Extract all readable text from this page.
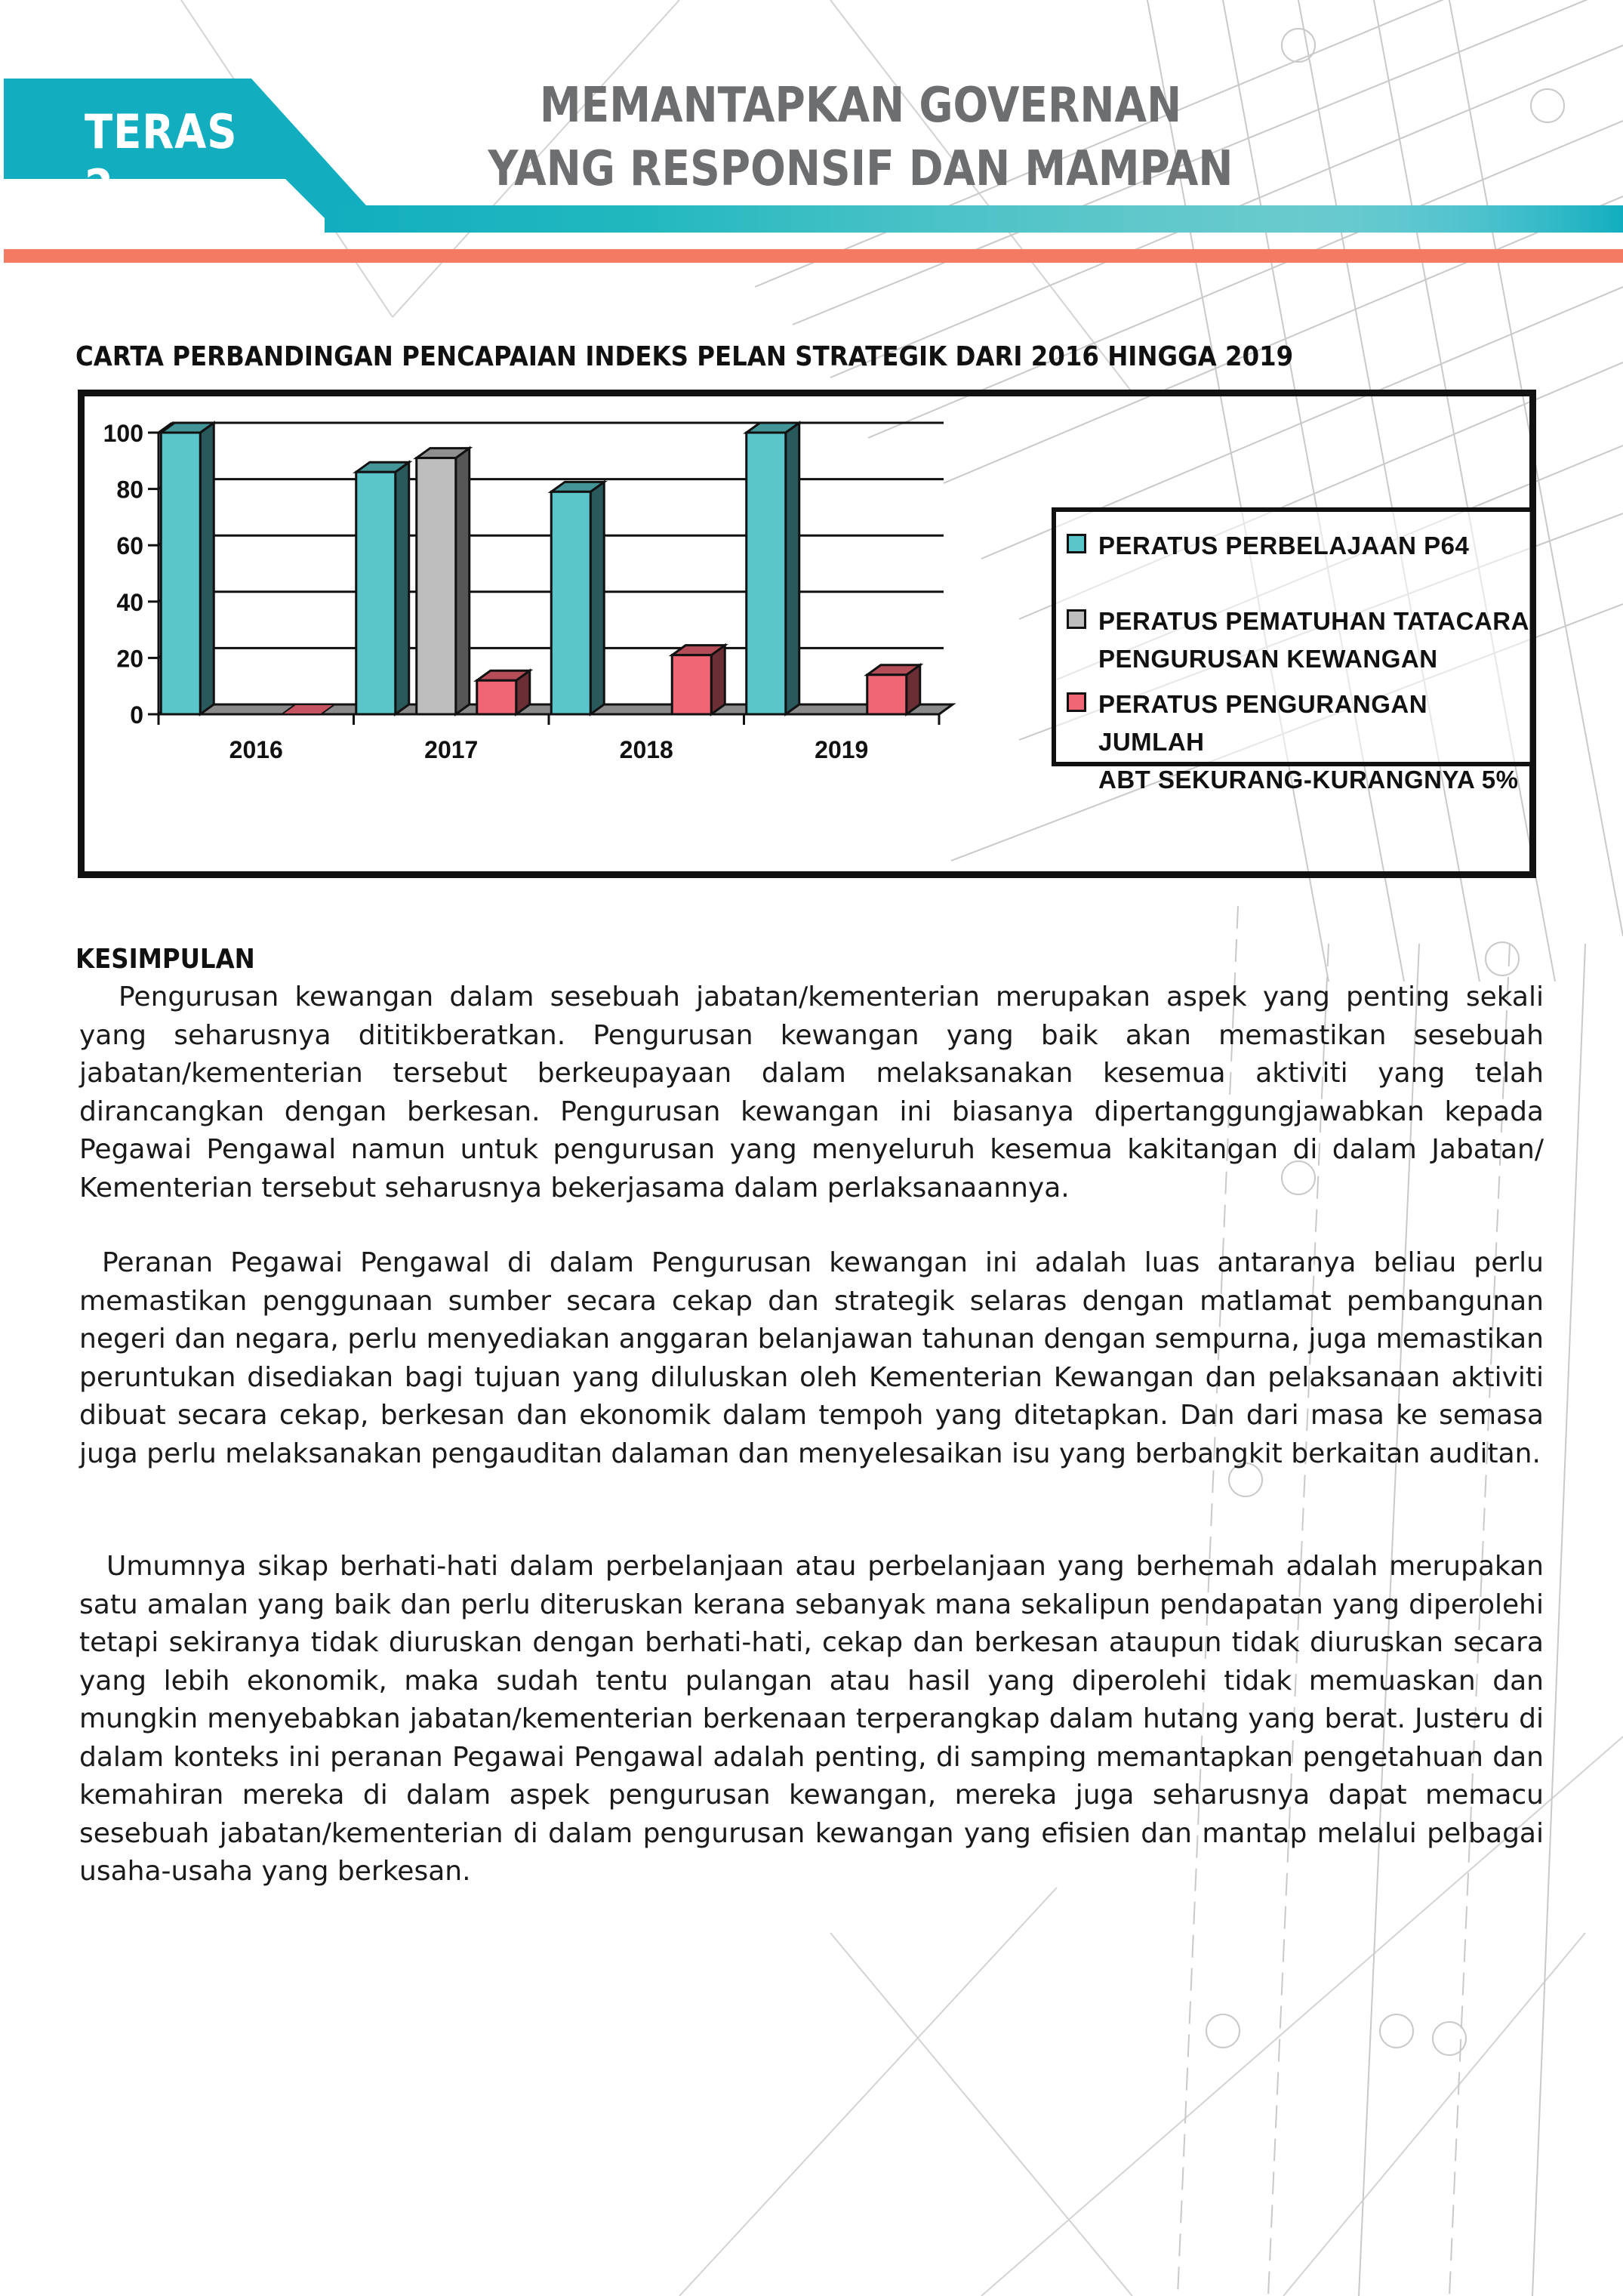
TERAS 2
MEMANTAPKAN GOVERNAN
YANG RESPONSIF DAN MAMPAN
CARTA PERBANDINGAN PENCAPAIAN INDEKS PELAN STRATEGIK DARI 2016 HINGGA 2019
0
20
40
60
80
100
2016	2017	2018	2019
PERATUS PERBELAJAAN P64
PERATUS PEMATUHAN TATACARA
PENGURUSAN KEWANGAN
PERATUS PENGURANGAN JUMLAH
ABT SEKURANG-KURANGNYA 5%
KESIMPULAN
Pengurusan kewangan dalam sesebuah jabatan/kementerian merupakan aspek yang penting sekali yang seharusnya dititikberatkan. Pengurusan kewangan yang baik akan memastikan sesebuah jabatan/kementerian tersebut berkeupayaan dalam melaksanakan kesemua aktiviti yang telah dirancangkan dengan berkesan. Pengurusan kewangan ini biasanya dipertanggungjawabkan kepada Pegawai Pengawal namun untuk pengurusan yang menyeluruh kesemua kakitangan di dalam Jabatan/ Kementerian tersebut seharusnya bekerjasama dalam perlaksanaannya.
Peranan Pegawai Pengawal di dalam Pengurusan kewangan ini adalah luas antaranya beliau perlu memastikan penggunaan sumber secara cekap dan strategik selaras dengan matlamat pembangunan negeri dan negara, perlu menyediakan anggaran belanjawan tahunan dengan sempurna, juga memastikan peruntukan disediakan bagi tujuan yang diluluskan oleh Kementerian Kewangan dan pelaksanaan aktiviti dibuat secara cekap, berkesan dan ekonomik dalam tempoh yang ditetapkan. Dan dari masa ke semasa juga perlu melaksanakan pengauditan dalaman dan menyelesaikan isu yang berbangkit berkaitan auditan.
Umumnya sikap berhati-hati dalam perbelanjaan atau perbelanjaan yang berhemah adalah merupakan satu amalan yang baik dan perlu diteruskan kerana sebanyak mana sekalipun pendapatan yang diperolehi tetapi sekiranya tidak diuruskan dengan berhati-hati, cekap dan berkesan ataupun tidak diuruskan secara yang lebih ekonomik, maka sudah tentu pulangan atau hasil yang diperolehi tidak memuaskan dan mungkin menyebabkan jabatan/kementerian berkenaan terperangkap dalam hutang yang berat. Justeru di dalam konteks ini peranan Pegawai Pengawal adalah penting, di samping memantapkan pengetahuan dan kemahiran mereka di dalam aspek pengurusan kewangan, mereka juga seharusnya dapat memacu sesebuah jabatan/kementerian di dalam pengurusan kewangan yang efisien dan mantap melalui pelbagai usaha-usaha yang berkesan.
